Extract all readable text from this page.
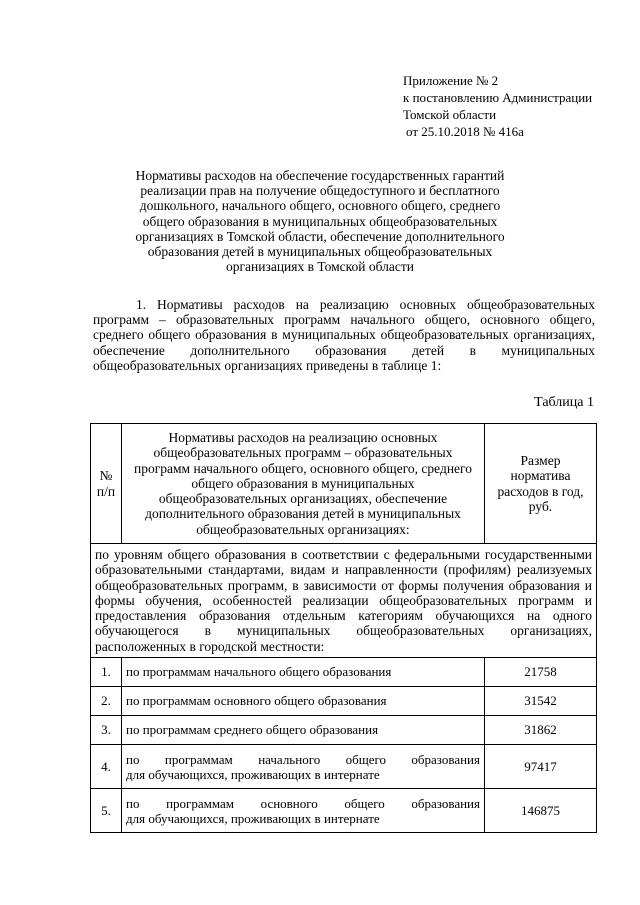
Приложение № 2
к постановлению Администрации
Томской области
от 25.10.2018 № 416а
Нормативы расходов на обеспечение государственных гарантий
реализации прав на получение общедоступного и бесплатного
дошкольного, начального общего, основного общего, среднего
общего образования в муниципальных общеобразовательных
организациях в Томской области, обеспечение дополнительного
образования детей в муниципальных общеобразовательных
организациях в Томской области
1. Нормативы расходов на реализацию основных общеобразовательных программ – образовательных программ начального общего, основного общего, среднего общего образования в муниципальных общеобразовательных организациях, обеспечение дополнительного образования детей в муниципальных общеобразовательных организациях приведены в таблице 1:
Таблица 1
№ п/п	Нормативы расходов на реализацию основных общеобразовательных программ – образовательных программ начального общего, основного общего, среднего общего образования в муниципальных общеобразовательных организациях, обеспечение дополнительного образования детей в муниципальных общеобразовательных организациях:	Размер норматива расходов в год, руб.
по уровням общего образования в соответствии с федеральными государственными образовательными стандартами, видам и направленности (профилям) реализуемых общеобразовательных программ, в зависимости от формы получения образования и формы обучения, особенностей реализации общеобразовательных программ и предоставления образования отдельным категориям обучающихся на одного обучающегося в муниципальных общеобразовательных организациях, расположенных в городской местности:		
1.	по программам начального общего образования	21758
2.	по программам основного общего образования	31542
3.	по программам среднего общего образования	31862
4.	по программам начального общего образования
для обучающихся, проживающих в интернате	97417
5.	по программам основного общего образования
для обучающихся, проживающих в интернате	146875
